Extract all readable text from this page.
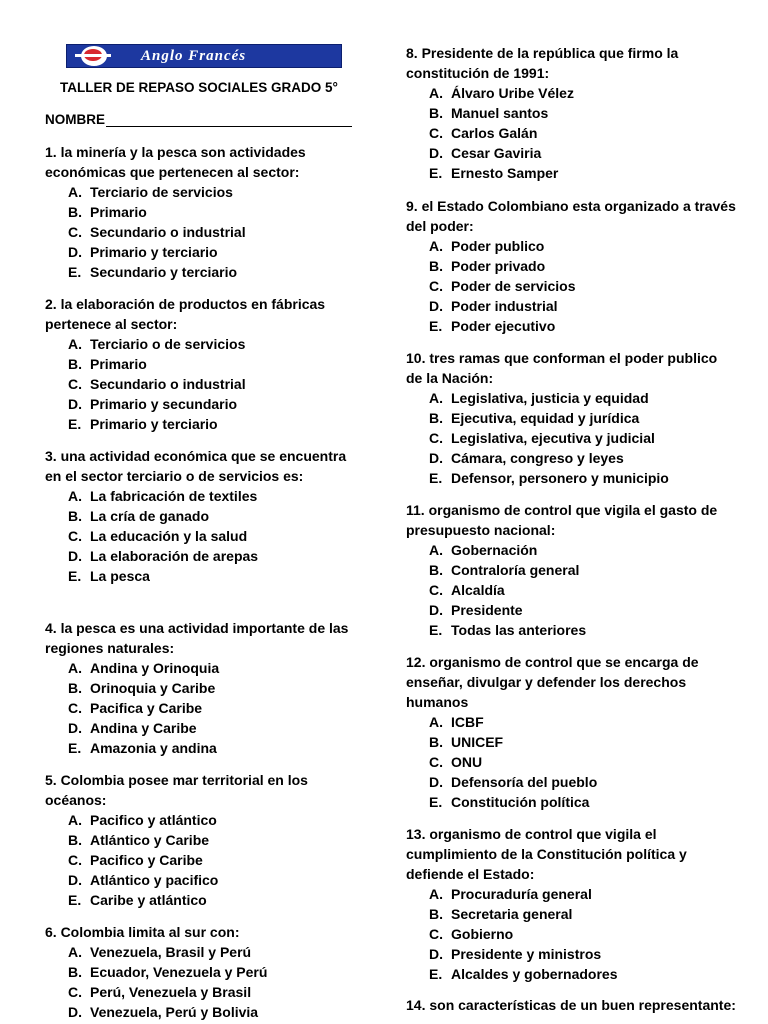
Anglo Francés
TALLER DE REPASO SOCIALES GRADO 5°
NOMBRE

1. la minería y la pesca son actividades económicas que pertenecen al sector:

A. Terciario de servicios
B. Primario
C. Secundario o industrial
D. Primario y terciario
E. Secundario y terciario

2. la elaboración de productos en fábricas pertenece al sector:

A. Terciario o de servicios
B. Primario
C. Secundario o industrial
D. Primario y secundario
E. Primario y terciario

3. una actividad económica que se encuentra en el sector terciario o de servicios es:

A. La fabricación de textiles
B. La cría de ganado
C. La educación y la salud
D. La elaboración de arepas
E. La pesca

4. la pesca es una actividad importante de las regiones naturales:

A. Andina y Orinoquia
B. Orinoquia y Caribe
C. Pacifica y Caribe
D. Andina y Caribe
E. Amazonia y andina

5. Colombia posee mar territorial en los océanos:

A. Pacifico y atlántico
B. Atlántico y Caribe
C. Pacifico y Caribe
D. Atlántico y pacifico
E. Caribe y atlántico

6. Colombia limita al sur con:

A. Venezuela, Brasil y Perú
B. Ecuador, Venezuela y Perú
C. Perú, Venezuela y Brasil
D. Venezuela, Perú y Bolivia

8. Presidente de la república que firmo la constitución de 1991:

A. Álvaro Uribe Vélez
B. Manuel santos
C. Carlos Galán
D. Cesar Gaviria
E. Ernesto Samper

9. el Estado Colombiano esta organizado a través del poder:

A. Poder publico
B. Poder privado
C. Poder de servicios
D. Poder industrial
E. Poder ejecutivo

10. tres ramas que conforman el poder publico de la Nación:

A. Legislativa, justicia y equidad
B. Ejecutiva, equidad y jurídica
C. Legislativa, ejecutiva y judicial
D. Cámara, congreso y leyes
E. Defensor, personero y municipio

11. organismo de control que vigila el gasto de presupuesto nacional:

A. Gobernación
B. Contraloría general
C. Alcaldía
D. Presidente
E. Todas las anteriores

12. organismo de control que se encarga de enseñar, divulgar y defender los derechos humanos

A. ICBF
B. UNICEF
C. ONU
D. Defensoría del pueblo
E. Constitución política

13. organismo de control que vigila el cumplimiento de la Constitución política y defiende el Estado:

A. Procuraduría general
B. Secretaria general
C. Gobierno
D. Presidente y ministros
E. Alcaldes y gobernadores

14. son características de un buen representante:
